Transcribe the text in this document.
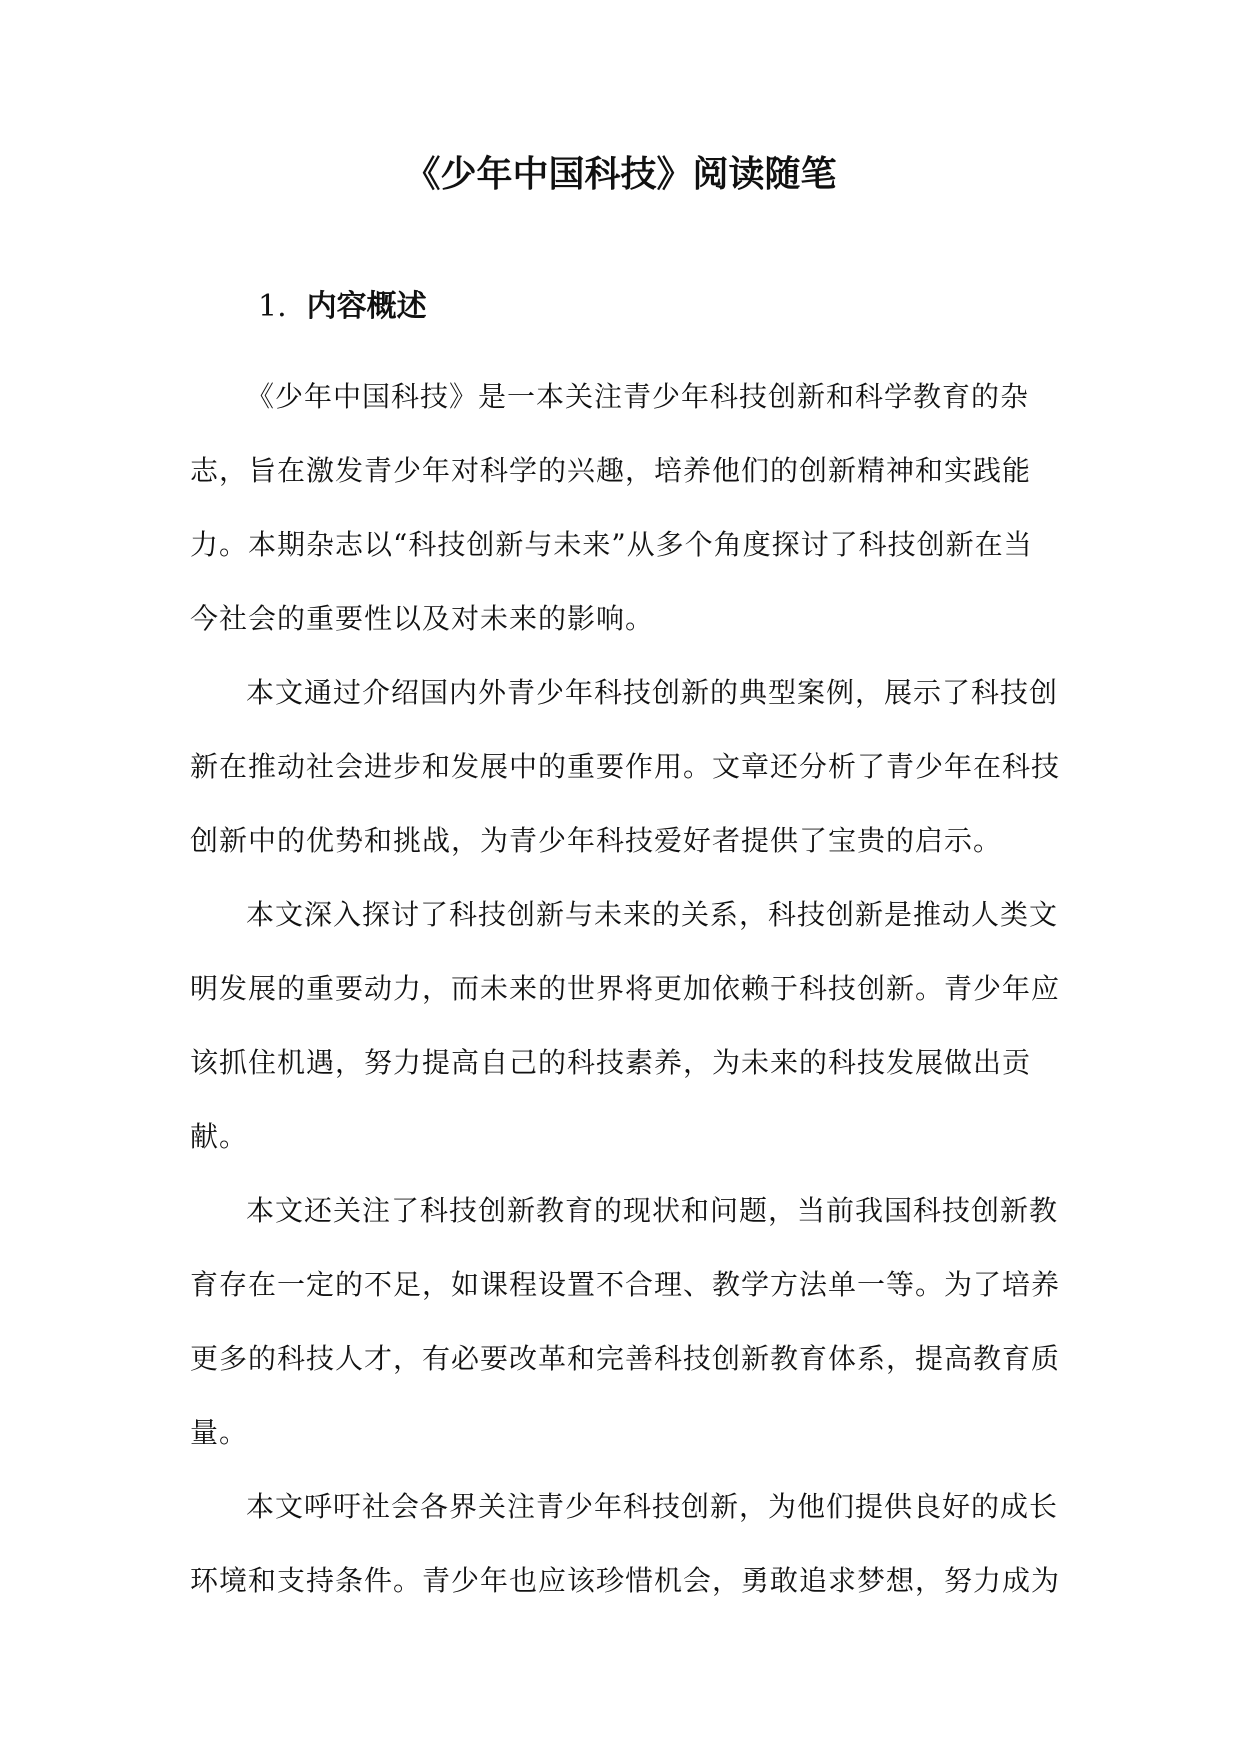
《少年中国科技》阅读随笔
1. 内容概述

《少年中国科技》是一本关注青少年科技创新和科学教育的杂志，旨在激发青少年对科学的兴趣，培养他们的创新精神和实践能力。本期杂志以“科技创新与未来”从多个角度探讨了科技创新在当今社会的重要性以及对未来的影响。

本文通过介绍国内外青少年科技创新的典型案例，展示了科技创新在推动社会进步和发展中的重要作用。文章还分析了青少年在科技创新中的优势和挑战，为青少年科技爱好者提供了宝贵的启示。

本文深入探讨了科技创新与未来的关系，科技创新是推动人类文明发展的重要动力，而未来的世界将更加依赖于科技创新。青少年应该抓住机遇，努力提高自己的科技素养，为未来的科技发展做出贡献。

本文还关注了科技创新教育的现状和问题，当前我国科技创新教育存在一定的不足，如课程设置不合理、教学方法单一等。为了培养更多的科技人才，有必要改革和完善科技创新教育体系，提高教育质量。

本文呼吁社会各界关注青少年科技创新，为他们提供良好的成长环境和支持条件。青少年也应该珍惜机会，勇敢追求梦想，努力成为
